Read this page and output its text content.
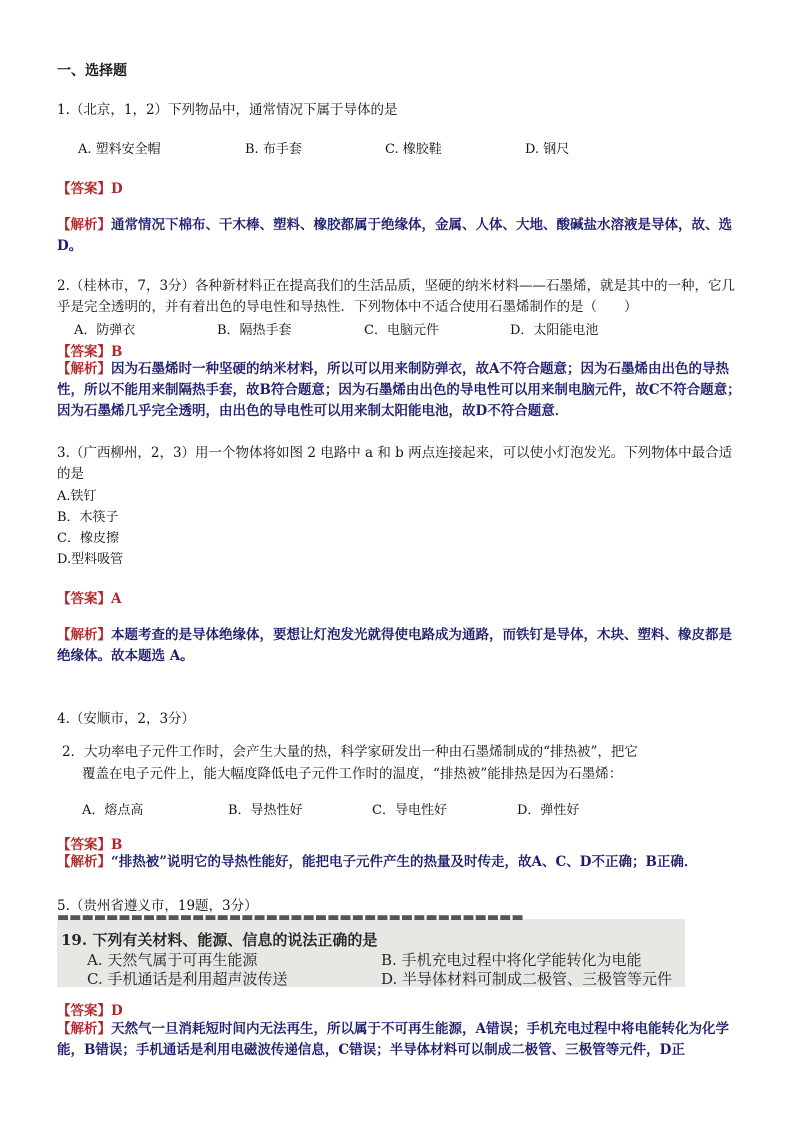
一、选择题
1.（北京，1，2）下列物品中，通常情况下属于导体的是
A. 塑料安全帽	B. 布手套	C. 橡胶鞋	D. 钢尺
【答案】D
【解析】通常情况下棉布、干木棒、塑料、橡胶都属于绝缘体，金属、人体、大地、酸碱盐水溶液是导体，故、选D。
2.（桂林市，7，3分）各种新材料正在提高我们的生活品质，坚硬的纳米材料——石墨烯，就是其中的一种，它几乎是完全透明的，并有着出色的导电性和导热性．下列物体中不适合使用石墨烯制作的是（　　）
A．防弹衣	B．隔热手套	C．电脑元件	D．太阳能电池
【答案】B
【解析】因为石墨烯时一种坚硬的纳米材料，所以可以用来制防弹衣，故A不符合题意；因为石墨烯由出色的导热性，所以不能用来制隔热手套，故B符合题意；因为石墨烯由出色的导电性可以用来制电脑元件，故C不符合题意；因为石墨烯几乎完全透明，由出色的导电性可以用来制太阳能电池，故D不符合题意．
3.（广西柳州，2，3）用一个物体将如图 2 电路中 a 和 b 两点连接起来，可以使小灯泡发光。下列物体中最合适的是
A.铁钉
B．木筷子
C．橡皮擦
D.型料吸管
【答案】A
【解析】本题考查的是导体绝缘体，要想让灯泡发光就得使电路成为通路，而铁钉是导体，木块、塑料、橡皮都是绝缘体。故本题选 A。
4.（安顺市，2，3分）
2．大功率电子元件工作时，会产生大量的热，科学家研发出一种由石墨烯制成的“排热被”，把它覆盖在电子元件上，能大幅度降低电子元件工作时的温度，“排热被”能排热是因为石墨烯：
A．熔点高	B．导热性好	C．导电性好	D．弹性好
【答案】B
【解析】“排热被”说明它的导热性能好，能把电子元件产生的热量及时传走，故A、C、D不正确；B正确．
5.（贵州省遵义市，19题，3分）
▬▬▬▬▬▬▬▬▬▬▬▬▬▬▬▬▬▬▬▬▬▬▬▬▬▬▬▬▬▬▬▬▬▬▬▬▬▬
19. 下列有关材料、能源、信息的说法正确的是
A. 天然气属于可再生能源	B. 手机充电过程中将化学能转化为电能
C. 手机通话是利用超声波传送	D. 半导体材料可制成二极管、三极管等元件
【答案】D
【解析】天然气一旦消耗短时间内无法再生，所以属于不可再生能源，A错误；手机充电过程中将电能转化为化学能，B错误；手机通话是利用电磁波传递信息，C错误；半导体材料可以制成二极管、三极管等元件，D正
